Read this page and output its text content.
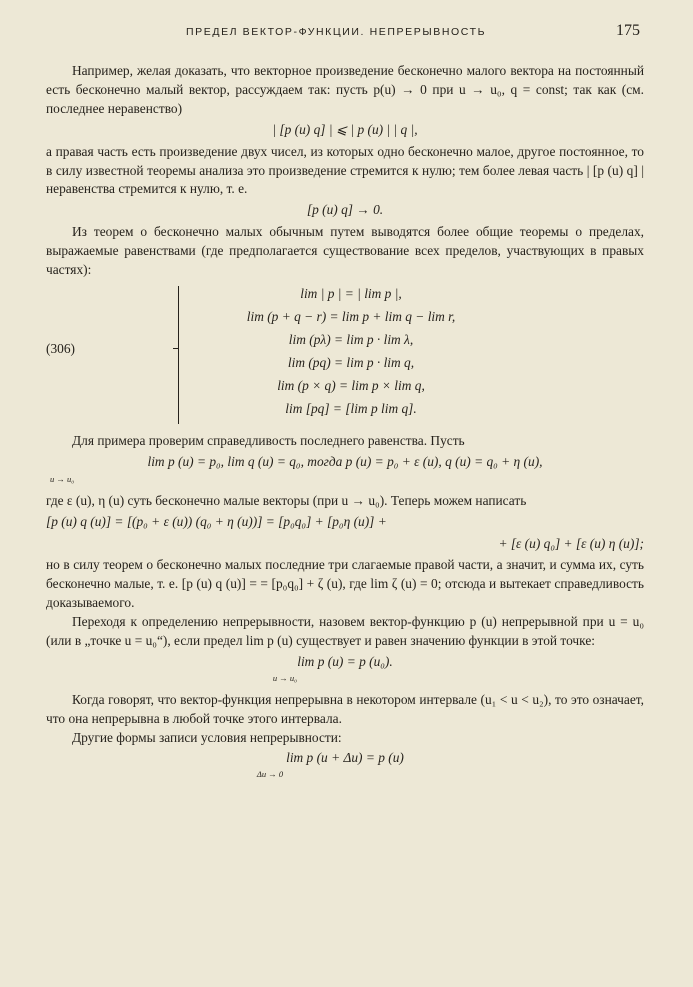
ПРЕДЕЛ ВЕКТОР-ФУНКЦИИ. НЕПРЕРЫВНОСТЬ	175

Например, желая доказать, что векторное произведение бесконечно малого вектора на постоянный есть бесконечно малый вектор, рассуждаем так: пусть p(u) → 0 при u → u₀, q = const; так как (см. последнее неравенство)

| [p (u) q] | ⩽ | p (u) | | q |,

а правая часть есть произведение двух чисел, из которых одно бесконечно малое, другое постоянное, то в силу известной теоремы анализа это произведение стремится к нулю; тем более левая часть | [p (u) q] | неравенства стремится к нулю, т. е.

[p (u) q] → 0.

Из теорем о бесконечно малых обычным путем выводятся более общие теоремы о пределах, выражаемые равенствами (где предполагается существование всех пределов, участвующих в правых частях):

(306)
lim | p | = | lim p |,
lim (p + q − r) = lim p + lim q − lim r,
lim (pλ) = lim p · lim λ,
lim (pq) = lim p · lim q,
lim (p × q) = lim p × lim q,
lim [pq] = [lim p lim q].

Для примера проверим справедливость последнего равенства. Пусть

lim p (u) = p₀, lim q (u) = q₀, тогда p (u) = p₀ + ε (u), q (u) = q₀ + η (u),
u → u₀

где ε (u), η (u) суть бесконечно малые векторы (при u → u₀). Теперь можем написать

[p (u) q (u)] = [(p₀ + ε (u)) (q₀ + η (u))] = [p₀q₀] + [p₀η (u)] +
+ [ε (u) q₀] + [ε (u) η (u)];

но в силу теорем о бесконечно малых последние три слагаемые правой части, а значит, и сумма их, суть бесконечно малые, т. е. [p (u) q (u)] = = [p₀q₀] + ζ (u), где lim ζ (u) = 0; отсюда и вытекает справедливость доказываемого.

Переходя к определению непрерывности, назовем вектор-функцию p (u) непрерывной при u = u₀ (или в „точке u = u₀“), если предел lim p (u) существует и равен значению функции в этой точке:

lim p (u) = p (u₀).
u → u₀

Когда говорят, что вектор-функция непрерывна в некотором интервале (u₁ < u < u₂), то это означает, что она непрерывна в любой точке этого интервала.

Другие формы записи условия непрерывности:

lim p (u + Δu) = p (u)
Δu → 0
